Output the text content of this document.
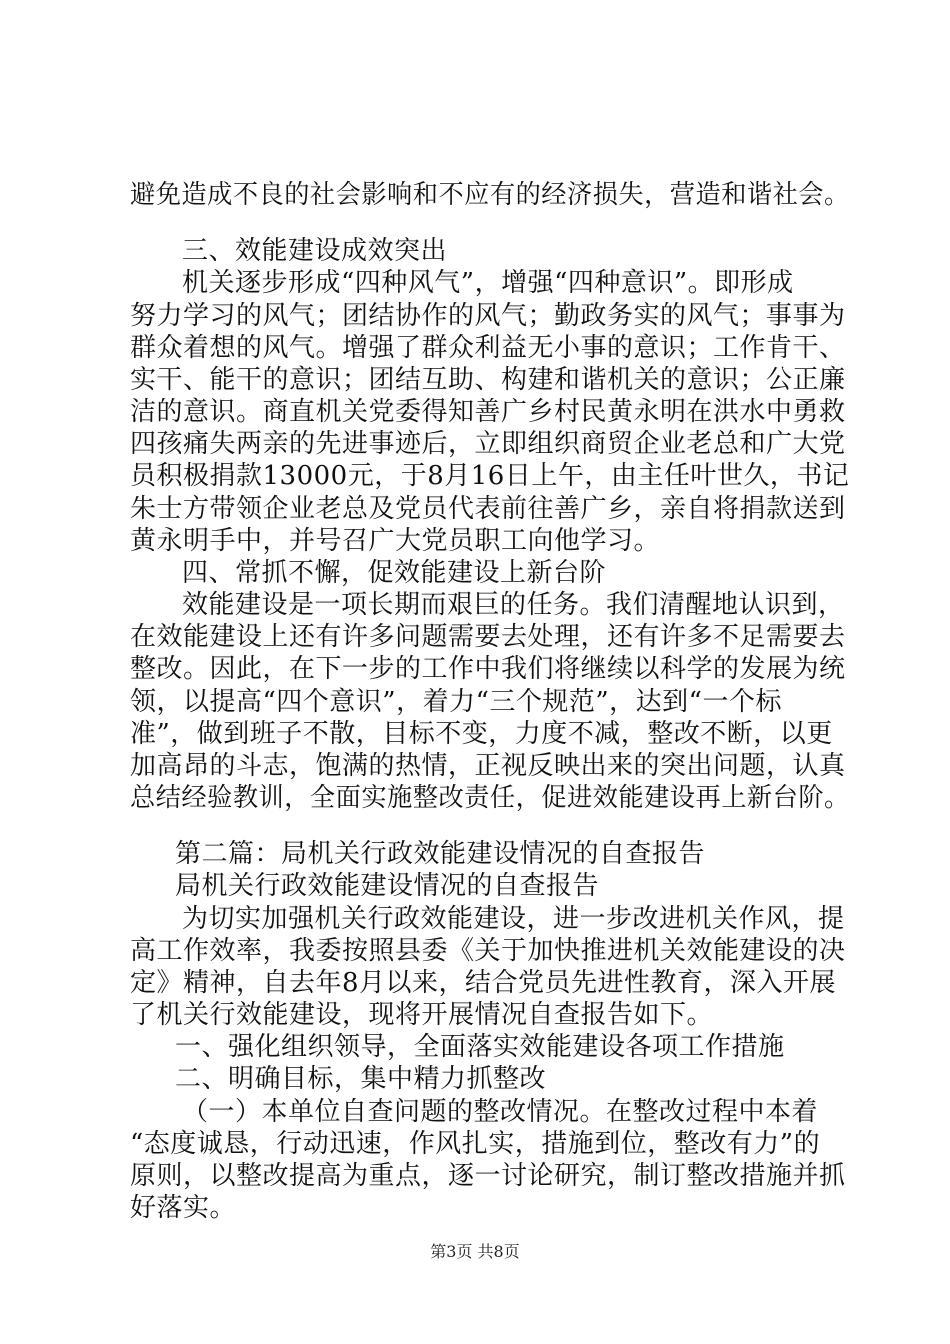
避免造成不良的社会影响和不应有的经济损失，营造和谐社会。
三、效能建设成效突出
机关逐步形成“四种风气”，增强“四种意识”。即形成
努力学习的风气；团结协作的风气；勤政务实的风气；事事为
群众着想的风气。增强了群众利益无小事的意识；工作肯干、
实干、能干的意识；团结互助、构建和谐机关的意识；公正廉
洁的意识。商直机关党委得知善广乡村民黄永明在洪水中勇救
四孩痛失两亲的先进事迹后，立即组织商贸企业老总和广大党
员积极捐款13000元，于8月16日上午，由主任叶世久，书记
朱士方带领企业老总及党员代表前往善广乡，亲自将捐款送到
黄永明手中，并号召广大党员职工向他学习。
四、常抓不懈，促效能建设上新台阶
效能建设是一项长期而艰巨的任务。我们清醒地认识到，
在效能建设上还有许多问题需要去处理，还有许多不足需要去
整改。因此，在下一步的工作中我们将继续以科学的发展为统
领，以提高“四个意识”，着力“三个规范”，达到“一个标
准”，做到班子不散，目标不变，力度不减，整改不断，以更
加高昂的斗志，饱满的热情，正视反映出来的突出问题，认真
总结经验教训，全面实施整改责任，促进效能建设再上新台阶。
第二篇：局机关行政效能建设情况的自查报告
局机关行政效能建设情况的自查报告
为切实加强机关行政效能建设，进一步改进机关作风，提
高工作效率，我委按照县委《关于加快推进机关效能建设的决
定》精神，自去年8月以来，结合党员先进性教育，深入开展
了机关行效能建设，现将开展情况自查报告如下。
一、强化组织领导，全面落实效能建设各项工作措施
二、明确目标，集中精力抓整改
（一）本单位自查问题的整改情况。在整改过程中本着
“态度诚恳，行动迅速，作风扎实，措施到位，整改有力”的
原则，以整改提高为重点，逐一讨论研究，制订整改措施并抓
好落实。
第3页 共8页
